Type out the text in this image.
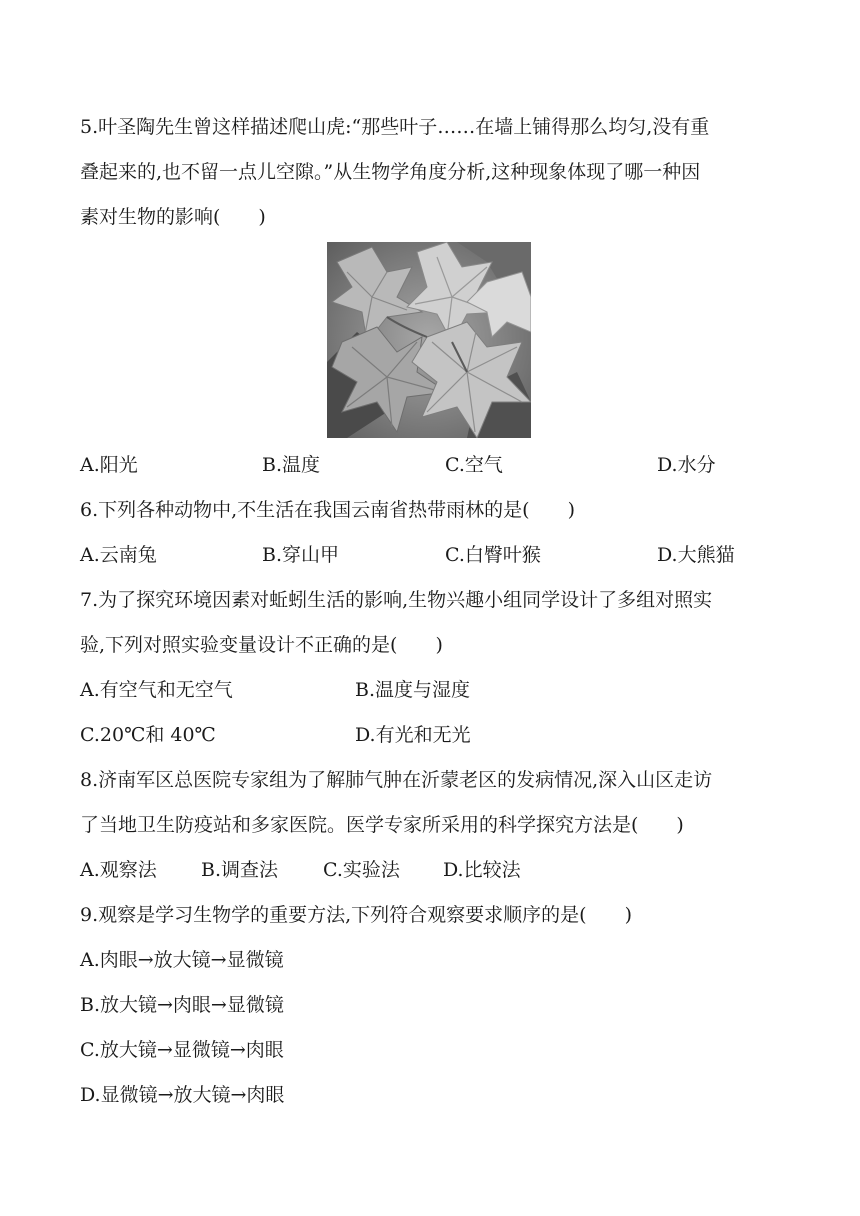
5.叶圣陶先生曾这样描述爬山虎:“那些叶子……在墙上铺得那么均匀,没有重
叠起来的,也不留一点儿空隙。”从生物学角度分析,这种现象体现了哪一种因
素对生物的影响(　　)
A.阳光	B.温度	C.空气	D.水分
6.下列各种动物中,不生活在我国云南省热带雨林的是(　　)
A.云南兔	B.穿山甲	C.白臀叶猴	D.大熊猫
7.为了探究环境因素对蚯蚓生活的影响,生物兴趣小组同学设计了多组对照实
验,下列对照实验变量设计不正确的是(　　)
A.有空气和无空气	B.温度与湿度
C.20℃和 40℃	D.有光和无光
8.济南军区总医院专家组为了解肺气肿在沂蒙老区的发病情况,深入山区走访
了当地卫生防疫站和多家医院。医学专家所采用的科学探究方法是(　　)
A.观察法 B.调查法 C.实验法 D.比较法
9.观察是学习生物学的重要方法,下列符合观察要求顺序的是(　　)
A.肉眼→放大镜→显微镜
B.放大镜→肉眼→显微镜
C.放大镜→显微镜→肉眼
D.显微镜→放大镜→肉眼
